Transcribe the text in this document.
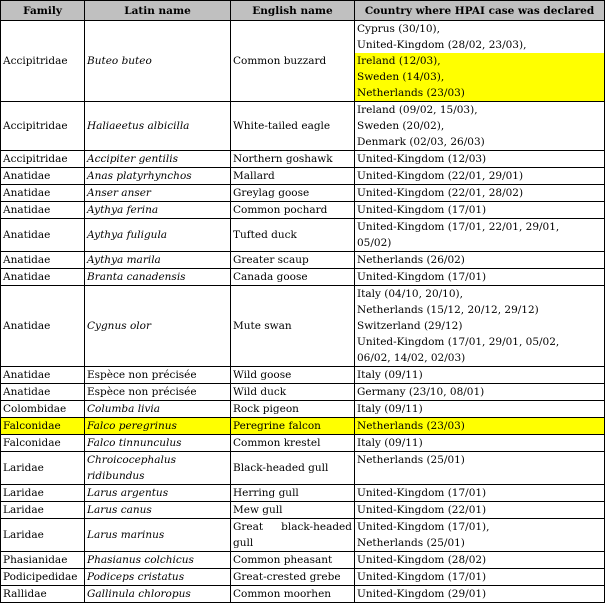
Family	Latin name	English name	Country where HPAI case was declared
Accipitridae	Buteo buteo	Common buzzard	Cyprus (30/10),
United-Kingdom (28/02, 23/03),
Ireland (12/03),
Sweden (14/03),
Netherlands (23/03)

Accipitridae	Haliaeetus albicilla	White-tailed eagle	Ireland (09/02, 15/03),
Sweden (20/02),
Denmark (02/03, 26/03)

Accipitridae	Accipiter gentilis	Northern goshawk	United-Kingdom (12/03)

Anatidae	Anas platyrhynchos	Mallard	United-Kingdom (22/01, 29/01)

Anatidae	Anser anser	Greylag goose	United-Kingdom (22/01, 28/02)

Anatidae	Aythya ferina	Common pochard	United-Kingdom (17/01)

Anatidae	Aythya fuligula	Tufted duck	United-Kingdom (17/01, 22/01, 29/01,
05/02)

Anatidae	Aythya marila	Greater scaup	Netherlands (26/02)

Anatidae	Branta canadensis	Canada goose	United-Kingdom (17/01)

Anatidae	Cygnus olor	Mute swan	Italy (04/10, 20/10),
Netherlands (15/12, 20/12, 29/12)
Switzerland (29/12)
United-Kingdom (17/01, 29/01, 05/02,
06/02, 14/02, 02/03)

Anatidae	Espèce non précisée	Wild goose	Italy (09/11)

Anatidae	Espèce non précisée	Wild duck	Germany (23/10, 08/01)

Colombidae	Columba livia	Rock pigeon	Italy (09/11)

Falconidae	Falco peregrinus	Peregrine falcon	Netherlands (23/03)

Falconidae	Falco tinnunculus	Common krestel	Italy (09/11)

Laridae	Chroicocephalus ridibundus	Black-headed gull	Netherlands (25/01)

Laridae	Larus argentus	Herring gull	United-Kingdom (17/01)

Laridae	Larus canus	Mew gull	United-Kingdom (22/01)

Laridae	Larus marinus	Great black-headed gull	United-Kingdom (17/01),
Netherlands (25/01)

Phasianidae	Phasianus colchicus	Common pheasant	United-Kingdom (28/02)

Podicipedidae	Podiceps cristatus	Great-crested grebe	United-Kingdom (17/01)

Rallidae	Gallinula chloropus	Common moorhen	United-Kingdom (29/01)
